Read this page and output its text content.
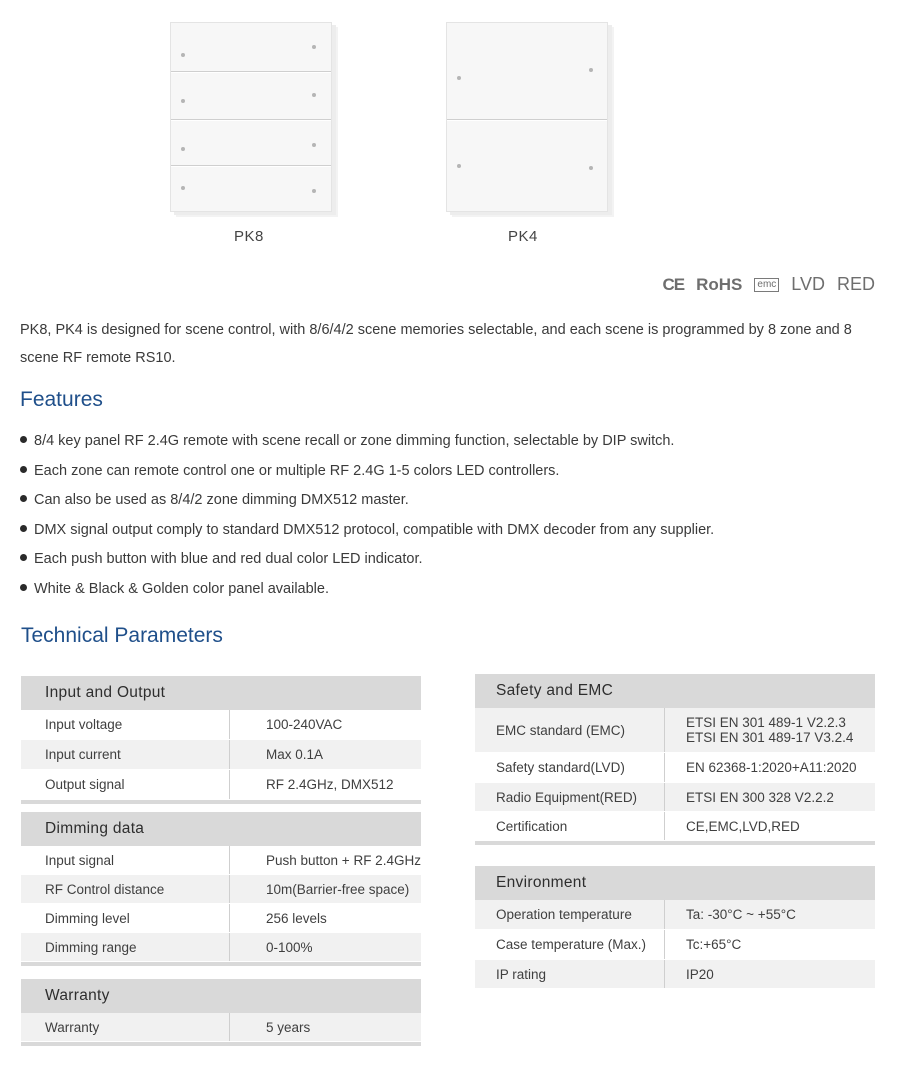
PK8	PK4
CE RoHS	emc LVD RED
PK8, PK4 is designed for scene control, with 8/6/4/2 scene memories selectable, and each scene is programmed by 8 zone and 8 scene RF remote RS10.
Features
8/4 key panel RF 2.4G remote with scene recall or zone dimming function, selectable by DIP switch.
Each zone can remote control one or multiple RF 2.4G 1-5 colors LED controllers.
Can also be used as 8/4/2 zone dimming DMX512 master.
DMX signal output comply to standard DMX512 protocol, compatible with DMX decoder from any supplier.
Each push button with blue and red dual color LED indicator.
White & Black & Golden color panel available.
Technical Parameters
Input and Output
Input voltage	100-240VAC
Input current	Max 0.1A
Output signal	RF 2.4GHz, DMX512
Dimming data
Input signal	Push button + RF 2.4GHz
RF Control distance	10m(Barrier-free space)
Dimming level	256 levels
Dimming range	0-100%
Warranty
Warranty	5 years
Safety and EMC
EMC standard (EMC)	ETSI EN 301 489-1 V2.2.3
ETSI EN 301 489-17 V3.2.4
Safety standard(LVD)	EN 62368-1:2020+A11:2020
Radio Equipment(RED)	ETSI EN 300 328 V2.2.2
Certification	CE,EMC,LVD,RED
Environment
Operation temperature	Ta: -30°C ~ +55°C
Case temperature (Max.)	Tc:+65°C
IP rating	IP20
